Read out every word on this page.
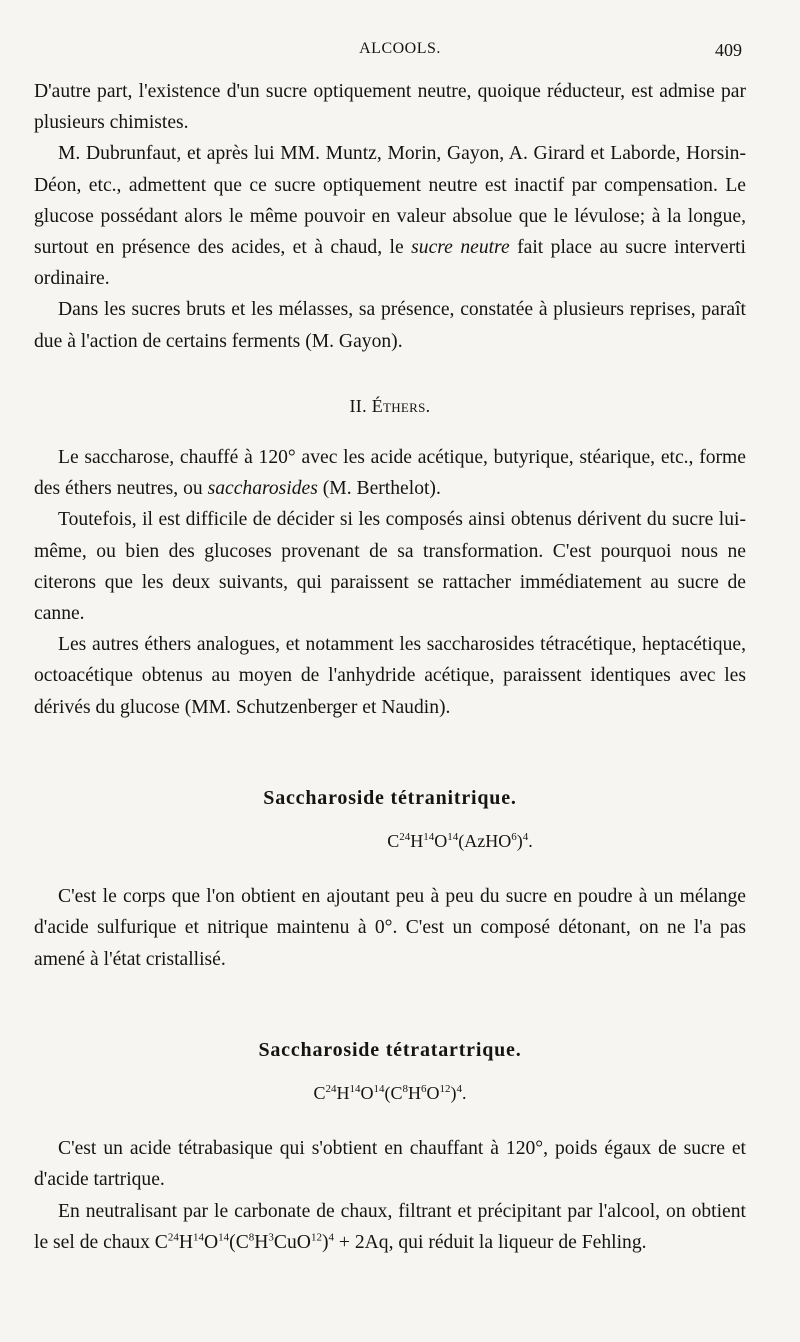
ALCOOLS.	409

D'autre part, l'existence d'un sucre optiquement neutre, quoique réducteur, est admise par plusieurs chimistes.

M. Dubrunfaut, et après lui MM. Muntz, Morin, Gayon, A. Girard et Laborde, Horsin-Déon, etc., admettent que ce sucre optiquement neutre est inactif par compensation. Le glucose possédant alors le même pouvoir en valeur absolue que le lévulose; à la longue, surtout en présence des acides, et à chaud, le sucre neutre fait place au sucre interverti ordinaire.

Dans les sucres bruts et les mélasses, sa présence, constatée à plusieurs reprises, paraît due à l'action de certains ferments (M. Gayon).

II. Éthers.

Le saccharose, chauffé à 120° avec les acide acétique, butyrique, stéarique, etc., forme des éthers neutres, ou saccharosides (M. Berthelot).

Toutefois, il est difficile de décider si les composés ainsi obtenus dérivent du sucre lui-même, ou bien des glucoses provenant de sa transformation. C'est pourquoi nous ne citerons que les deux suivants, qui paraissent se rattacher immédiatement au sucre de canne.

Les autres éthers analogues, et notamment les saccharosides tétracétique, heptacétique, octoacétique obtenus au moyen de l'anhydride acétique, paraissent identiques avec les dérivés du glucose (MM. Schutzenberger et Naudin).

Saccharoside tétranitrique.
$C^{24}H^{14}O^{14}(AzHO^6)^4$.

C'est le corps que l'on obtient en ajoutant peu à peu du sucre en poudre à un mélange d'acide sulfurique et nitrique maintenu à 0°. C'est un composé détonant, on ne l'a pas amené à l'état cristallisé.

Saccharoside tétratartrique.
$C^{24}H^{14}O^{14}(C^8H^6O^{12})^4$.

C'est un acide tétrabasique qui s'obtient en chauffant à 120°, poids égaux de sucre et d'acide tartrique.

En neutralisant par le carbonate de chaux, filtrant et précipitant par l'alcool, on obtient le sel de chaux $C^{24}H^{14}O^{14}(C^8H^3CuO^{12})^4 + 2Aq$, qui réduit la liqueur de Fehling.
